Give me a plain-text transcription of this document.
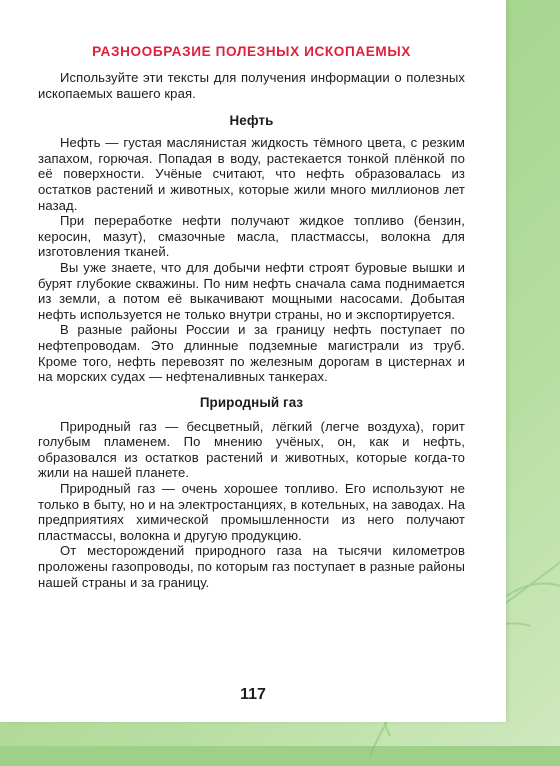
РАЗНООБРАЗИЕ ПОЛЕЗНЫХ ИСКОПАЕМЫХ

Используйте эти тексты для получения информации о полезных ископаемых вашего края.

Нефть

Нефть — густая маслянистая жидкость тёмного цвета, с резким запахом, горючая. Попадая в воду, растекается тонкой плёнкой по её поверхности. Учёные считают, что нефть образовалась из остатков растений и животных, которые жили много миллионов лет назад.

При переработке нефти получают жидкое топливо (бензин, керосин, мазут), смазочные масла, пластмассы, волокна для изготовления тканей.

Вы уже знаете, что для добычи нефти строят буровые вышки и бурят глубокие скважины. По ним нефть сначала сама поднимается из земли, а потом её выкачивают мощными насосами. Добытая нефть используется не только внутри страны, но и экспортируется.

В разные районы России и за границу нефть поступает по нефтепроводам. Это длинные подземные магистрали из труб. Кроме того, нефть перевозят по железным дорогам в цистернах и на морских судах — нефтеналивных танкерах.

Природный газ

Природный газ — бесцветный, лёгкий (легче воздуха), горит голубым пламенем. По мнению учёных, он, как и нефть, образовался из остатков растений и животных, которые когда-то жили на нашей планете.

Природный газ — очень хорошее топливо. Его используют не только в быту, но и на электростанциях, в котельных, на заводах. На предприятиях химической промышленности из него получают пластмассы, волокна и другую продукцию.

От месторождений природного газа на тысячи километров проложены газопроводы, по которым газ поступает в разные районы нашей страны и за границу.

117
